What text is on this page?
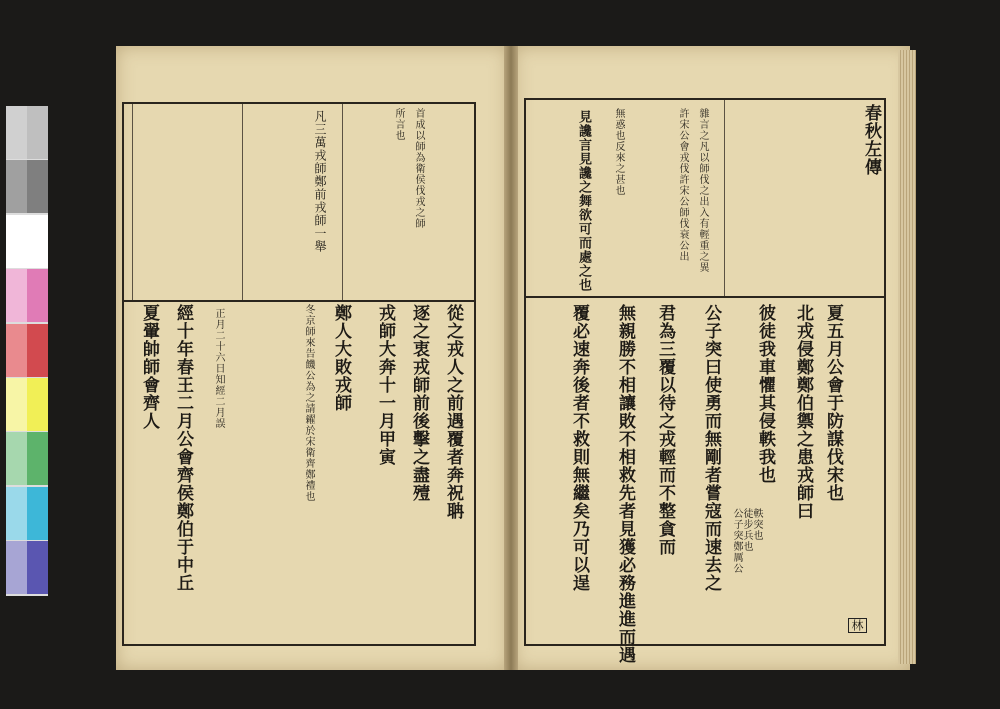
春秋左傳
林
雜言之凡以師伐之出入有輕重之異
許宋公會戎伐許宋公師伐衰公出
見讒言見讒之舞欲可而處之也 無惑也反來之甚也
夏五月公會于防謀伐宋也
北戎侵鄭鄭伯禦之患戎師曰
彼徒我車懼其侵軼我也
公子突曰使勇而無剛者嘗寇而速去之
君為三覆以待之戎輕而不整貪而
無親勝不相讓敗不相救先者見獲必務進進而遇
覆必速奔後者不救則無繼矣乃可以逞	公子突鄭厲公 徒步兵也 軼突也
首成以師為衛侯伐戎之師
凡三萬戎師鄭前戎師一舉	所言也
從之戎人之前遇覆者奔祝聃
逐之衷戎師前後擊之盡殪
戎師大奔十一月甲寅
鄭人大敗戎師
冬京師來告饑公為之請糴於宋衛齊鄭禮也
經十年春王二月公會齊侯鄭伯于中丘
夏翬帥師會齊人	正月二十六日知經二月誤
